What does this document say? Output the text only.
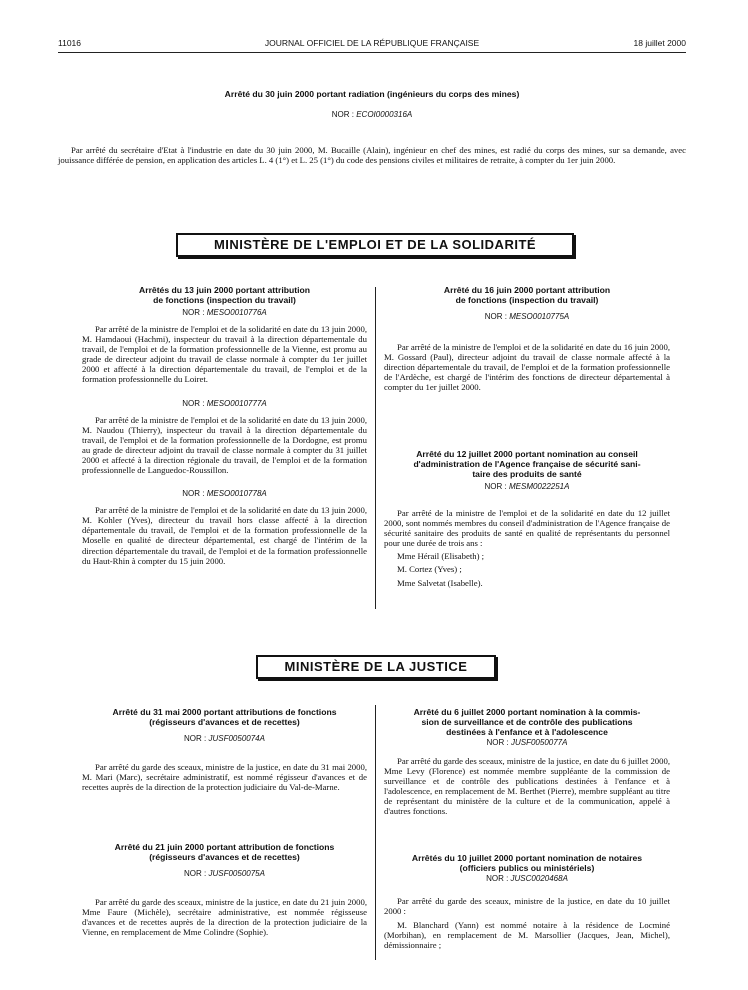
11016	JOURNAL OFFICIEL DE LA RÉPUBLIQUE FRANÇAISE	18 juillet 2000
Arrêté du 30 juin 2000 portant radiation (ingénieurs du corps des mines)
NOR : ECOI0000316A

Par arrêté du secrétaire d'Etat à l'industrie en date du 30 juin 2000, M. Bucaille (Alain), ingénieur en chef des mines, est radié du corps des mines, sur sa demande, avec jouissance différée de pension, en application des articles L. 4 (1°) et L. 25 (1°) du code des pensions civiles et militaires de retraite, à compter du 1er juin 2000.

MINISTÈRE DE L'EMPLOI ET DE LA SOLIDARITÉ
Arrêtés du 13 juin 2000 portant attribution
de fonctions (inspection du travail)
NOR : MESO0010776A

Par arrêté de la ministre de l'emploi et de la solidarité en date du 13 juin 2000, M. Hamdaoui (Hachmi), inspecteur du travail à la direction départementale du travail, de l'emploi et de la formation professionnelle de la Vienne, est promu au grade de directeur adjoint du travail de classe normale à compter du 1er juillet 2000 et affecté à la direction départementale du travail, de l'emploi et de la formation professionnelle du Loiret.

NOR : MESO0010777A

Par arrêté de la ministre de l'emploi et de la solidarité en date du 13 juin 2000, M. Naudou (Thierry), inspecteur du travail à la direction départementale du travail, de l'emploi et de la formation professionnelle de la Dordogne, est promu au grade de directeur adjoint du travail de classe normale à compter du 31 juillet 2000 et affecté à la direction régionale du travail, de l'emploi et de la formation professionnelle de Languedoc-Roussillon.

NOR : MESO0010778A

Par arrêté de la ministre de l'emploi et de la solidarité en date du 13 juin 2000, M. Kohler (Yves), directeur du travail hors classe affecté à la direction départementale du travail, de l'emploi et de la formation professionnelle de la Moselle en qualité de directeur départemental, est chargé de l'intérim de la direction départementale du travail, de l'emploi et de la formation professionnelle du Haut-Rhin à compter du 15 juin 2000.

Arrêté du 16 juin 2000 portant attribution
de fonctions (inspection du travail)
NOR : MESO0010775A

Par arrêté de la ministre de l'emploi et de la solidarité en date du 16 juin 2000, M. Gossard (Paul), directeur adjoint du travail de classe normale affecté à la direction départementale du travail, de l'emploi et de la formation professionnelle de l'Ardèche, est chargé de l'intérim des fonctions de directeur départemental à compter du 1er juillet 2000.

Arrêté du 12 juillet 2000 portant nomination au conseil
d'administration de l'Agence française de sécurité sani-
taire des produits de santé
NOR : MESM0022251A

Par arrêté de la ministre de l'emploi et de la solidarité en date du 12 juillet 2000, sont nommés membres du conseil d'administration de l'Agence française de sécurité sanitaire des produits de santé en qualité de représentants du personnel pour une durée de trois ans :

Mme Hérail (Elisabeth) ;

M. Cortez (Yves) ;

Mme Salvetat (Isabelle).

MINISTÈRE DE LA JUSTICE
Arrêté du 31 mai 2000 portant attributions de fonctions
(régisseurs d'avances et de recettes)
NOR : JUSF0050074A

Par arrêté du garde des sceaux, ministre de la justice, en date du 31 mai 2000, M. Mari (Marc), secrétaire administratif, est nommé régisseur d'avances et de recettes auprès de la direction de la protection judiciaire du Val-de-Marne.

Arrêté du 21 juin 2000 portant attribution de fonctions
(régisseurs d'avances et de recettes)
NOR : JUSF0050075A

Par arrêté du garde des sceaux, ministre de la justice, en date du 21 juin 2000, Mme Faure (Michèle), secrétaire administrative, est nommée régisseuse d'avances et de recettes auprès de la direction de la protection judiciaire de la Vienne, en remplacement de Mme Colindre (Sophie).

Arrêté du 6 juillet 2000 portant nomination à la commis-
sion de surveillance et de contrôle des publications
destinées à l'enfance et à l'adolescence
NOR : JUSF0050077A

Par arrêté du garde des sceaux, ministre de la justice, en date du 6 juillet 2000, Mme Levy (Florence) est nommée membre suppléante de la commission de surveillance et de contrôle des publications destinées à l'enfance et à l'adolescence, en remplacement de M. Berthet (Pierre), membre suppléant au titre de représentant du ministère de la culture et de la communication, appelé à d'autres fonctions.

Arrêtés du 10 juillet 2000 portant nomination de notaires
(officiers publics ou ministériels)
NOR : JUSC0020468A

Par arrêté du garde des sceaux, ministre de la justice, en date du 10 juillet 2000 :

M. Blanchard (Yann) est nommé notaire à la résidence de Locminé (Morbihan), en remplacement de M. Marsollier (Jacques, Jean, Michel), démissionnaire ;
